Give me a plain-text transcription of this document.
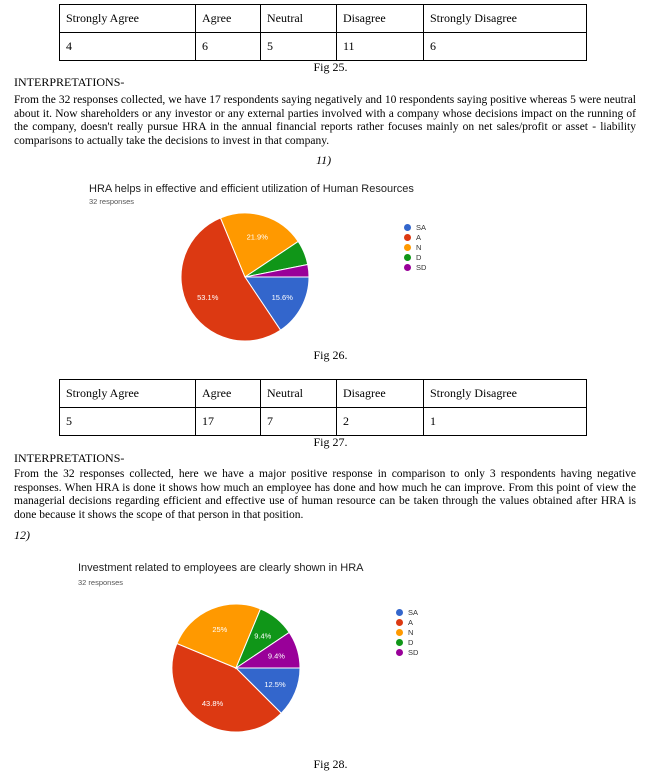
Strongly Agree	Agree	Neutral	Disagree	Strongly Disagree
4	6	5	11	6
Fig 25.
INTERPRETATIONS-
From the 32 responses collected, we have 17 respondents saying negatively and 10 respondents saying positive whereas 5 were neutral about it. Now shareholders or any investor or any external parties involved with a company whose decisions impact on the running of the company, doesn't really pursue HRA in the annual financial reports rather focuses mainly on net sales/profit or asset - liability comparisons to actually take the decisions to invest in that company.
11)
HRA helps in effective and efficient utilization of Human Resources
32 responses
15.6%
53.1%
21.9%
SA
A
N
D
SD
Fig 26.
Strongly Agree	Agree	Neutral	Disagree	Strongly Disagree
5	17	7	2	1
Fig 27.
INTERPRETATIONS-
From the 32 responses collected, here we have a major positive response in comparison to only 3 respondents having negative responses. When HRA is done it shows how much an employee has done and how much he can improve. From this point of view the managerial decisions regarding efficient and effective use of human resource can be taken through the values obtained after HRA is done because it shows the scope of that person in that position.
12)
Investment related to employees are clearly shown in HRA
32 responses
12.5%
43.8%
25%
9.4%
9.4%
SA
A
N
D
SD
Fig 28.
